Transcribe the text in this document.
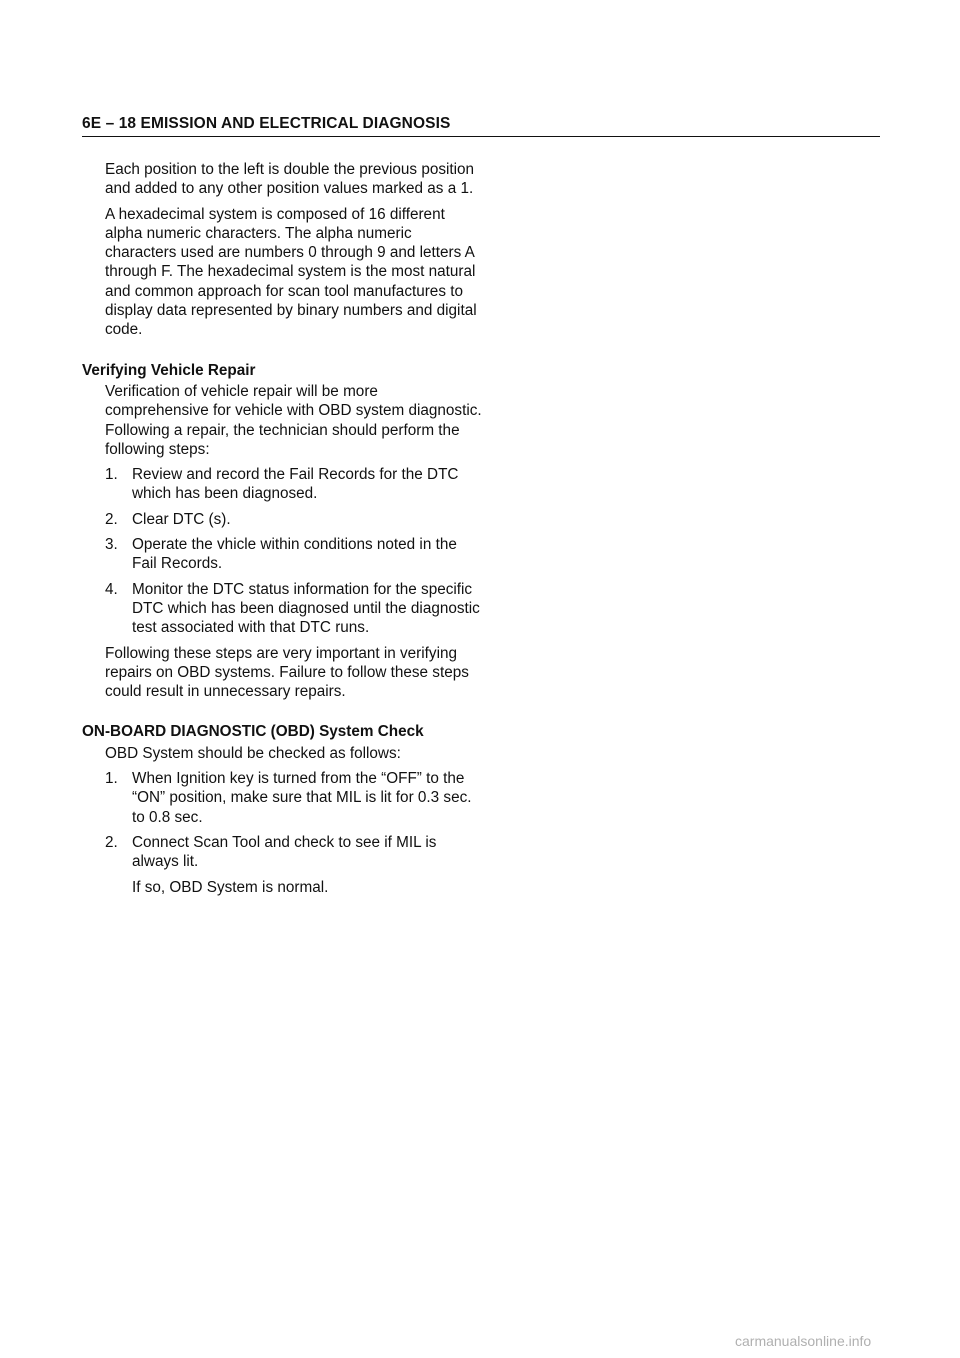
6E – 18 EMISSION AND ELECTRICAL DIAGNOSIS

Each position to the left is double the previous position and added to any other position values marked as a 1.

A hexadecimal system is composed of 16 different alpha numeric characters. The alpha numeric characters used are numbers 0 through 9 and letters A through F. The hexadecimal system is the most natural and common approach for scan tool manufactures to display data represented by binary numbers and digital code.

Verifying Vehicle Repair

Verification of vehicle repair will be more comprehensive for vehicle with OBD system diagnostic. Following a repair, the technician should perform the following steps:

1. Review and record the Fail Records for the DTC which has been diagnosed.
2. Clear DTC (s).
3. Operate the vhicle within conditions noted in the Fail Records.
4. Monitor the DTC status information for the specific DTC which has been diagnosed until the diagnostic test associated with that DTC runs.

Following these steps are very important in verifying repairs on OBD systems. Failure to follow these steps could result in unnecessary repairs.

ON-BOARD DIAGNOSTIC (OBD) System Check

OBD System should be checked as follows:

1. When Ignition key is turned from the “OFF” to the “ON” position, make sure that MIL is lit for 0.3 sec. to 0.8 sec.
2. Connect Scan Tool and check to see if MIL is always lit.
If so, OBD System is normal.
carmanualsonline.info
